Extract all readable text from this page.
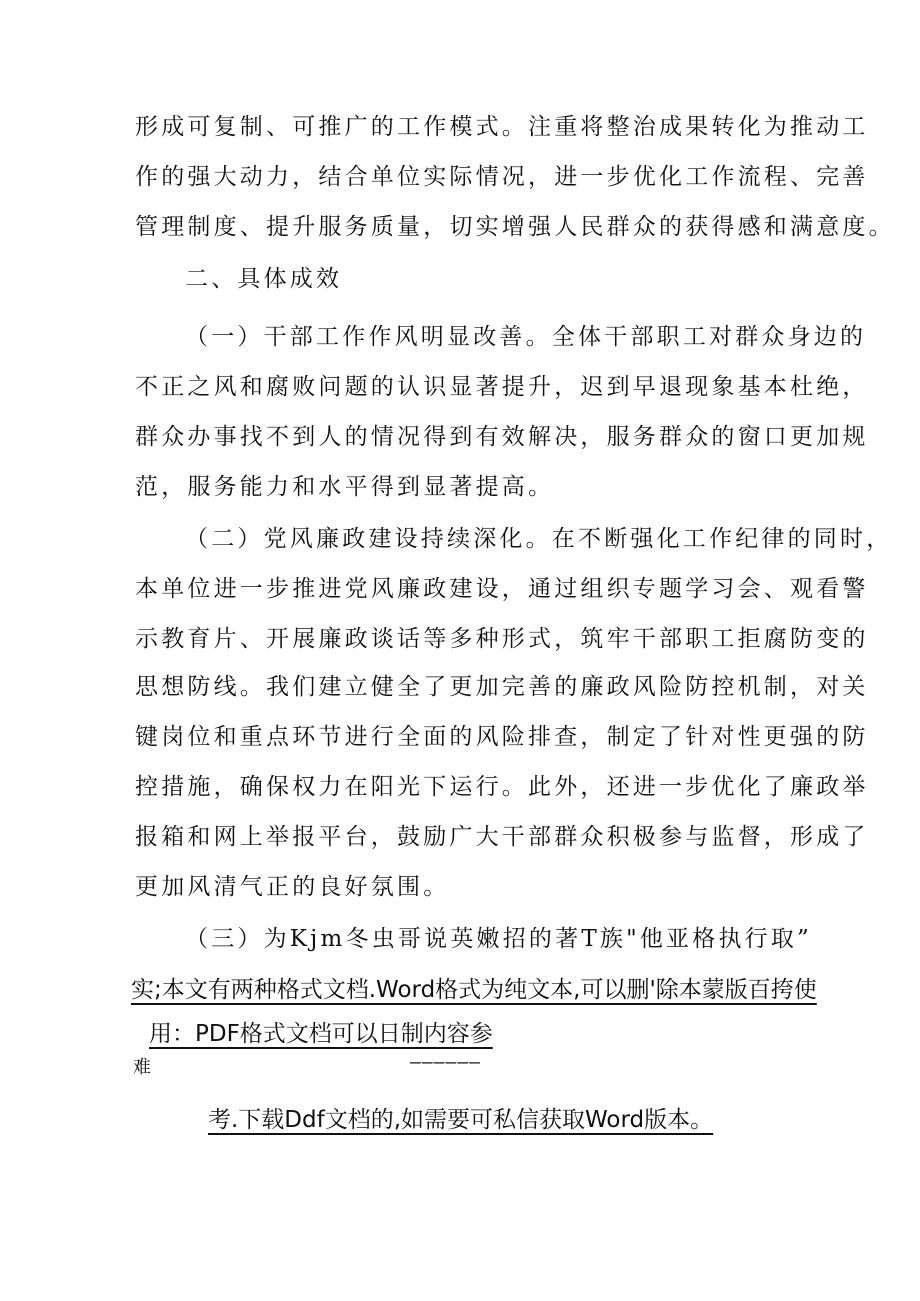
形成可复制、可推广的工作模式。注重将整治成果转化为推动工
作的强大动力，结合单位实际情况，进一步优化工作流程、完善
管理制度、提升服务质量，切实增强人民群众的获得感和满意度。
二、具体成效
（一）干部工作作风明显改善。全体干部职工对群众身边的
不正之风和腐败问题的认识显著提升，迟到早退现象基本杜绝，
群众办事找不到人的情况得到有效解决，服务群众的窗口更加规
范，服务能力和水平得到显著提高。
（二）党风廉政建设持续深化。在不断强化工作纪律的同时，
本单位进一步推进党风廉政建设，通过组织专题学习会、观看警
示教育片、开展廉政谈话等多种形式，筑牢干部职工拒腐防变的
思想防线。我们建立健全了更加完善的廉政风险防控机制，对关
键岗位和重点环节进行全面的风险排查，制定了针对性更强的防
控措施，确保权力在阳光下运行。此外，还进一步优化了廉政举
报箱和网上举报平台，鼓励广大干部群众积极参与监督，形成了
更加风清气正的良好氛围。
（三）为Kjm冬虫哥说英嫩招的著T族"他亚格执行取”
实;本文有两种格式文档.Word格式为纯文本,可以删'除本蒙版百挎使
用：PDF格式文档可以日制内容参
难	——————
考.下载Ddf文档的,如需要可私信获取Word版本。
